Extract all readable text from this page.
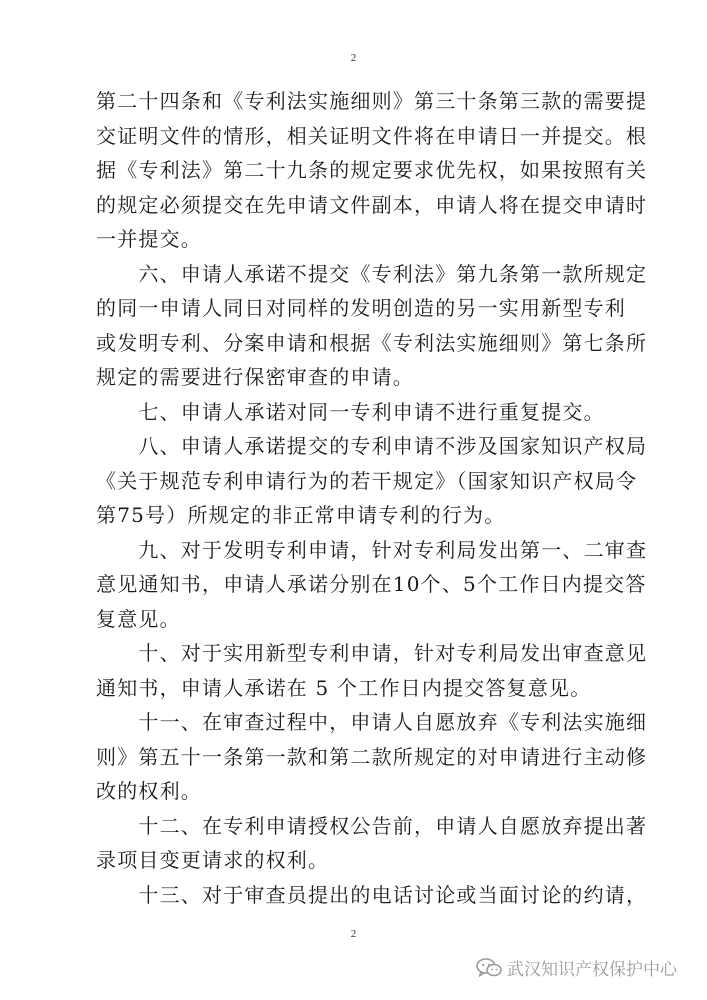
2
第二十四条和《专利法实施细则》第三十条第三款的需要提
交证明文件的情形，相关证明文件将在申请日一并提交。根
据《专利法》第二十九条的规定要求优先权，如果按照有关
的规定必须提交在先申请文件副本，申请人将在提交申请时
一并提交。
　　六、申请人承诺不提交《专利法》第九条第一款所规定
的同一申请人同日对同样的发明创造的另一实用新型专利
或发明专利、分案申请和根据《专利法实施细则》第七条所
规定的需要进行保密审查的申请。
　　七、申请人承诺对同一专利申请不进行重复提交。
　　八、申请人承诺提交的专利申请不涉及国家知识产权局
《关于规范专利申请行为的若干规定》（国家知识产权局令
第75号）所规定的非正常申请专利的行为。
　　九、对于发明专利申请，针对专利局发出第一、二审查
意见通知书，申请人承诺分别在10个、5个工作日内提交答
复意见。
　　十、对于实用新型专利申请，针对专利局发出审查意见
通知书，申请人承诺在 5 个工作日内提交答复意见。
　　十一、在审查过程中，申请人自愿放弃《专利法实施细
则》第五十一条第一款和第二款所规定的对申请进行主动修
改的权利。
　　十二、在专利申请授权公告前，申请人自愿放弃提出著
录项目变更请求的权利。
　　十三、对于审查员提出的电话讨论或当面讨论的约请，
2
武汉知识产权保护中心
